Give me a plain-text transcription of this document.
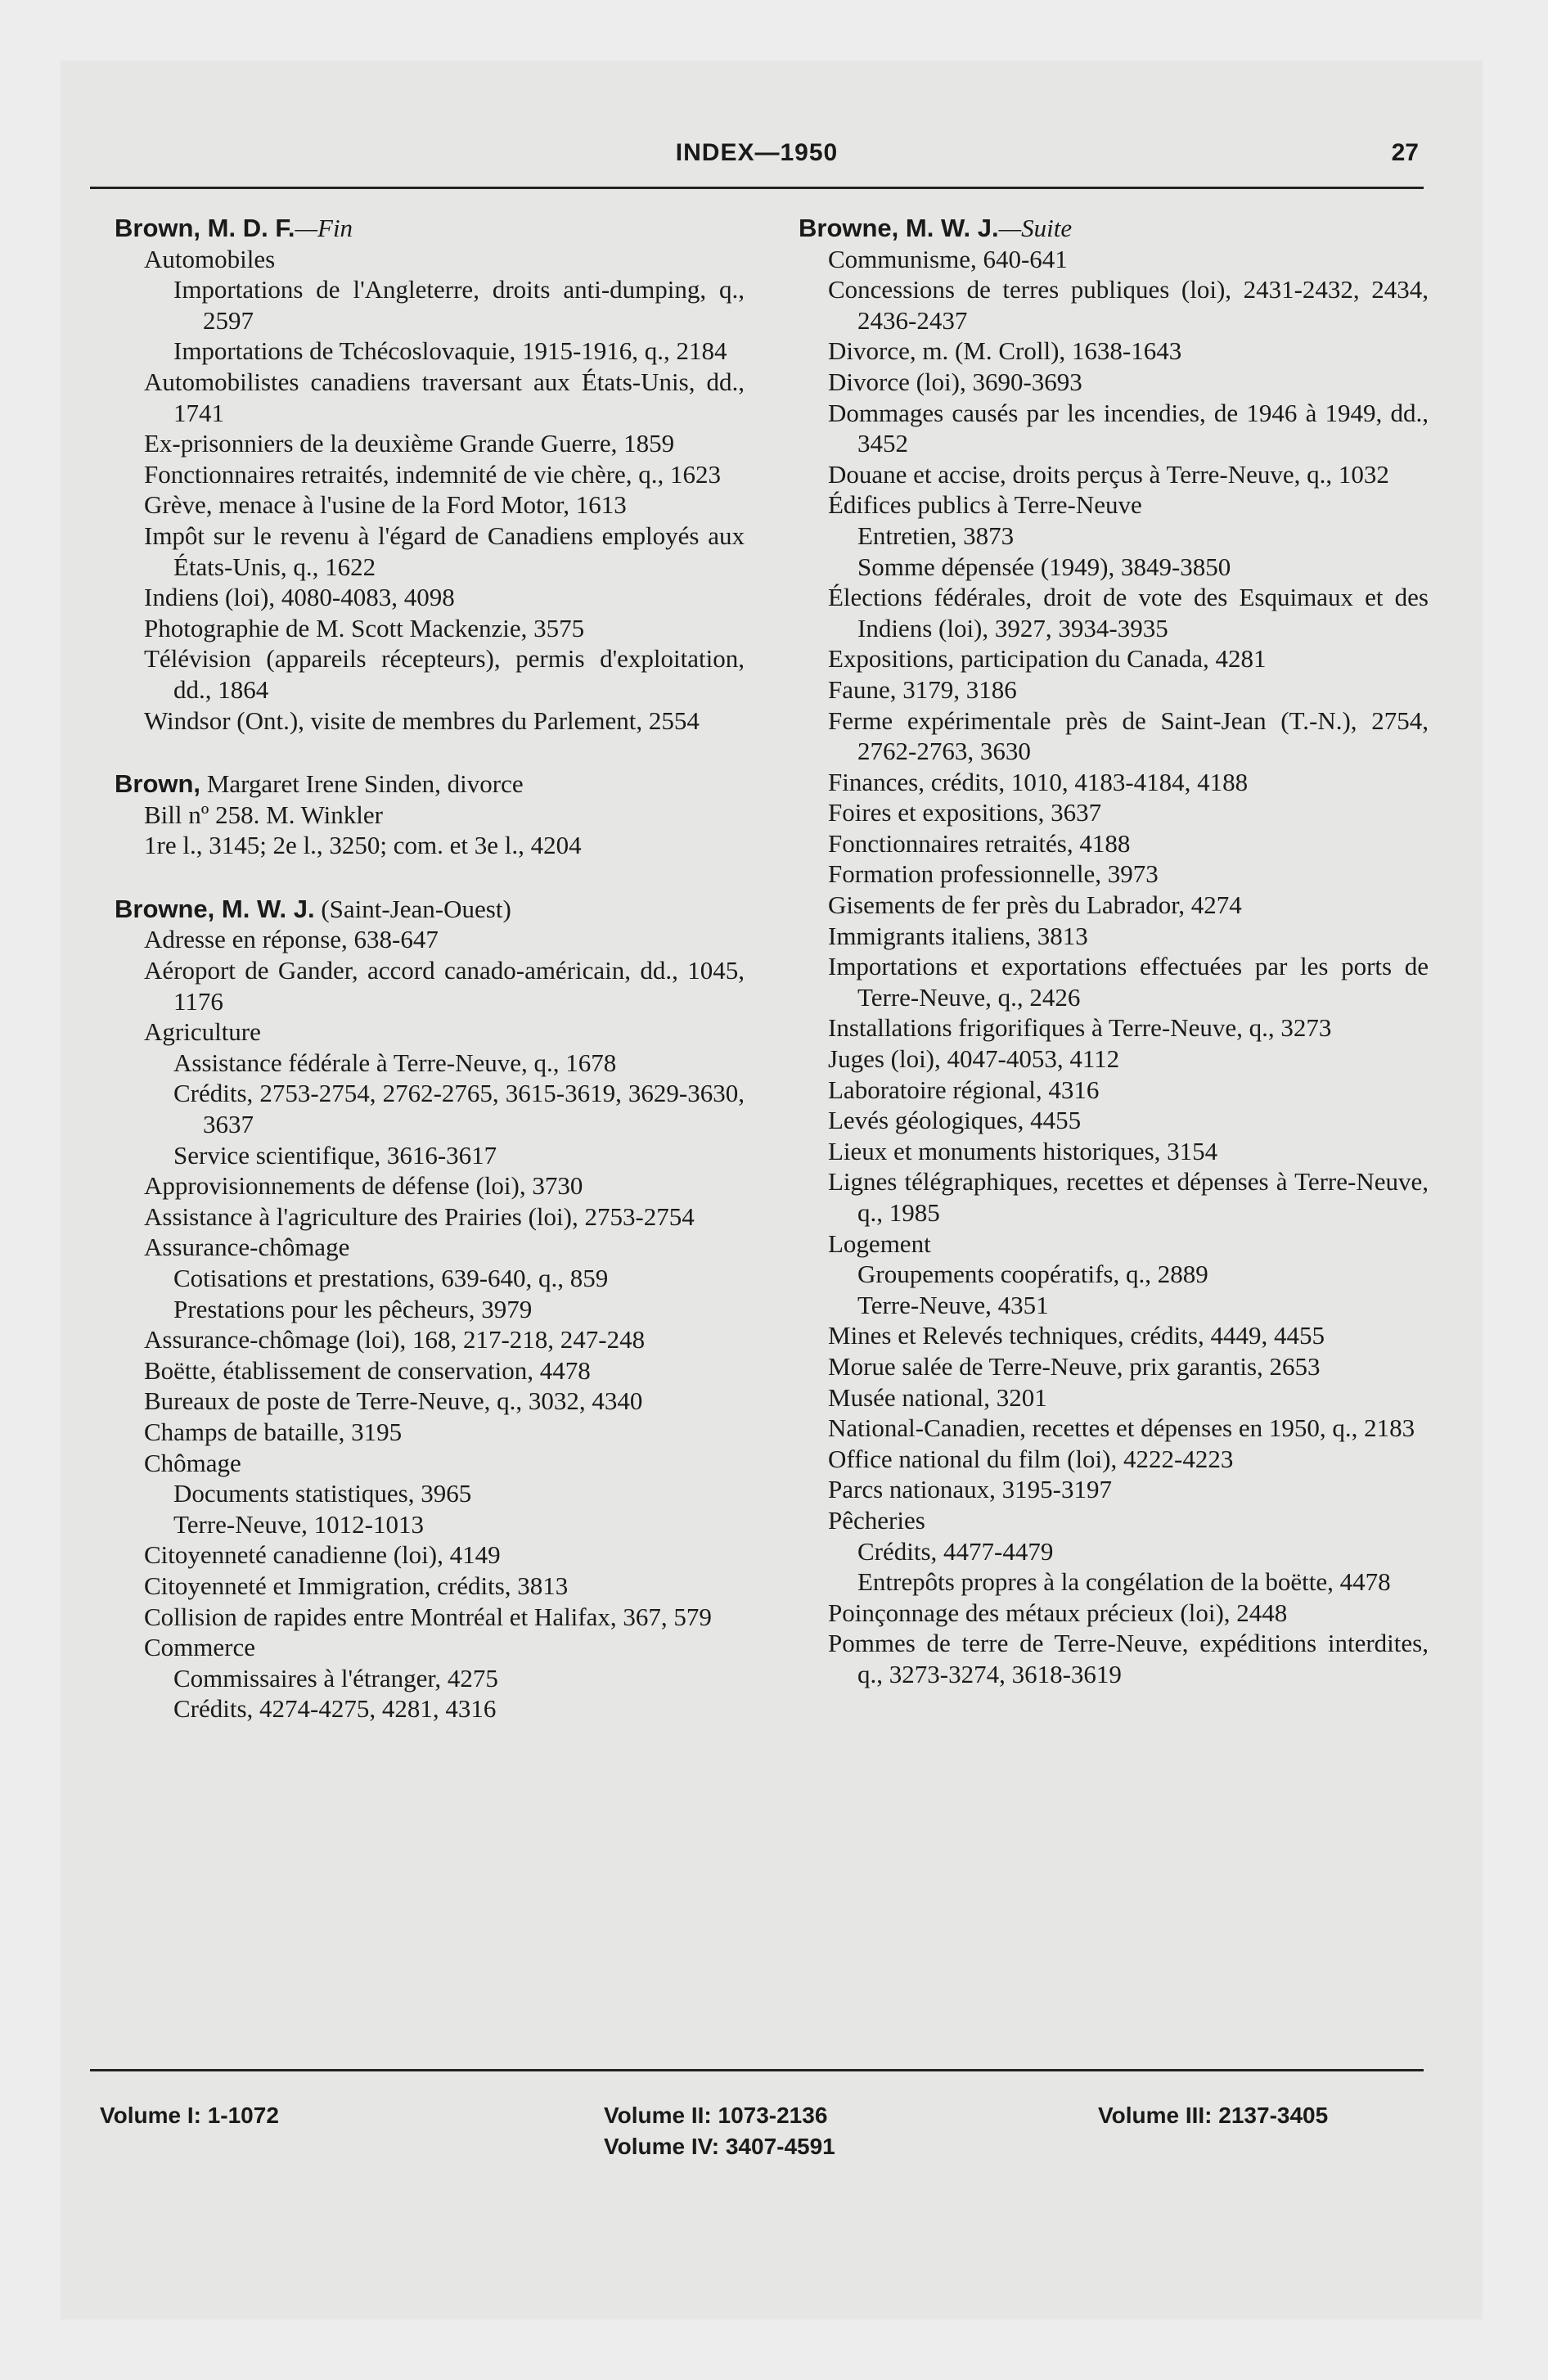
INDEX—1950	27

Brown, M. D. F.—Fin

Automobiles

Importations de l'Angleterre, droits anti-dumping, q., 2597

Importations de Tchécoslovaquie, 1915-1916, q., 2184

Automobilistes canadiens traversant aux États-Unis, dd., 1741

Ex-prisonniers de la deuxième Grande Guerre, 1859

Fonctionnaires retraités, indemnité de vie chère, q., 1623

Grève, menace à l'usine de la Ford Motor, 1613

Impôt sur le revenu à l'égard de Canadiens employés aux États-Unis, q., 1622

Indiens (loi), 4080-4083, 4098

Photographie de M. Scott Mackenzie, 3575

Télévision (appareils récepteurs), permis d'exploitation, dd., 1864

Windsor (Ont.), visite de membres du Parlement, 2554

Brown, Margaret Irene Sinden, divorce

Bill nº 258. M. Winkler

1re l., 3145; 2e l., 3250; com. et 3e l., 4204

Browne, M. W. J. (Saint-Jean-Ouest)

Adresse en réponse, 638-647

Aéroport de Gander, accord canado-américain, dd., 1045, 1176

Agriculture

Assistance fédérale à Terre-Neuve, q., 1678

Crédits, 2753-2754, 2762-2765, 3615-3619, 3629-3630, 3637

Service scientifique, 3616-3617

Approvisionnements de défense (loi), 3730

Assistance à l'agriculture des Prairies (loi), 2753-2754

Assurance-chômage

Cotisations et prestations, 639-640, q., 859

Prestations pour les pêcheurs, 3979

Assurance-chômage (loi), 168, 217-218, 247-248

Boëtte, établissement de conservation, 4478

Bureaux de poste de Terre-Neuve, q., 3032, 4340

Champs de bataille, 3195

Chômage

Documents statistiques, 3965

Terre-Neuve, 1012-1013

Citoyenneté canadienne (loi), 4149

Citoyenneté et Immigration, crédits, 3813

Collision de rapides entre Montréal et Halifax, 367, 579

Commerce

Commissaires à l'étranger, 4275

Crédits, 4274-4275, 4281, 4316

Browne, M. W. J.—Suite

Communisme, 640-641

Concessions de terres publiques (loi), 2431-2432, 2434, 2436-2437

Divorce, m. (M. Croll), 1638-1643

Divorce (loi), 3690-3693

Dommages causés par les incendies, de 1946 à 1949, dd., 3452

Douane et accise, droits perçus à Terre-Neuve, q., 1032

Édifices publics à Terre-Neuve

Entretien, 3873

Somme dépensée (1949), 3849-3850

Élections fédérales, droit de vote des Esquimaux et des Indiens (loi), 3927, 3934-3935

Expositions, participation du Canada, 4281

Faune, 3179, 3186

Ferme expérimentale près de Saint-Jean (T.-N.), 2754, 2762-2763, 3630

Finances, crédits, 1010, 4183-4184, 4188

Foires et expositions, 3637

Fonctionnaires retraités, 4188

Formation professionnelle, 3973

Gisements de fer près du Labrador, 4274

Immigrants italiens, 3813

Importations et exportations effectuées par les ports de Terre-Neuve, q., 2426

Installations frigorifiques à Terre-Neuve, q., 3273

Juges (loi), 4047-4053, 4112

Laboratoire régional, 4316

Levés géologiques, 4455

Lieux et monuments historiques, 3154

Lignes télégraphiques, recettes et dépenses à Terre-Neuve, q., 1985

Logement

Groupements coopératifs, q., 2889

Terre-Neuve, 4351

Mines et Relevés techniques, crédits, 4449, 4455

Morue salée de Terre-Neuve, prix garantis, 2653

Musée national, 3201

National-Canadien, recettes et dépenses en 1950, q., 2183

Office national du film (loi), 4222-4223

Parcs nationaux, 3195-3197

Pêcheries

Crédits, 4477-4479

Entrepôts propres à la congélation de la boëtte, 4478

Poinçonnage des métaux précieux (loi), 2448

Pommes de terre de Terre-Neuve, expéditions interdites, q., 3273-3274, 3618-3619

Volume I: 1-1072	Volume II: 1073-2136
Volume IV: 3407-4591
Volume III: 2137-3405
